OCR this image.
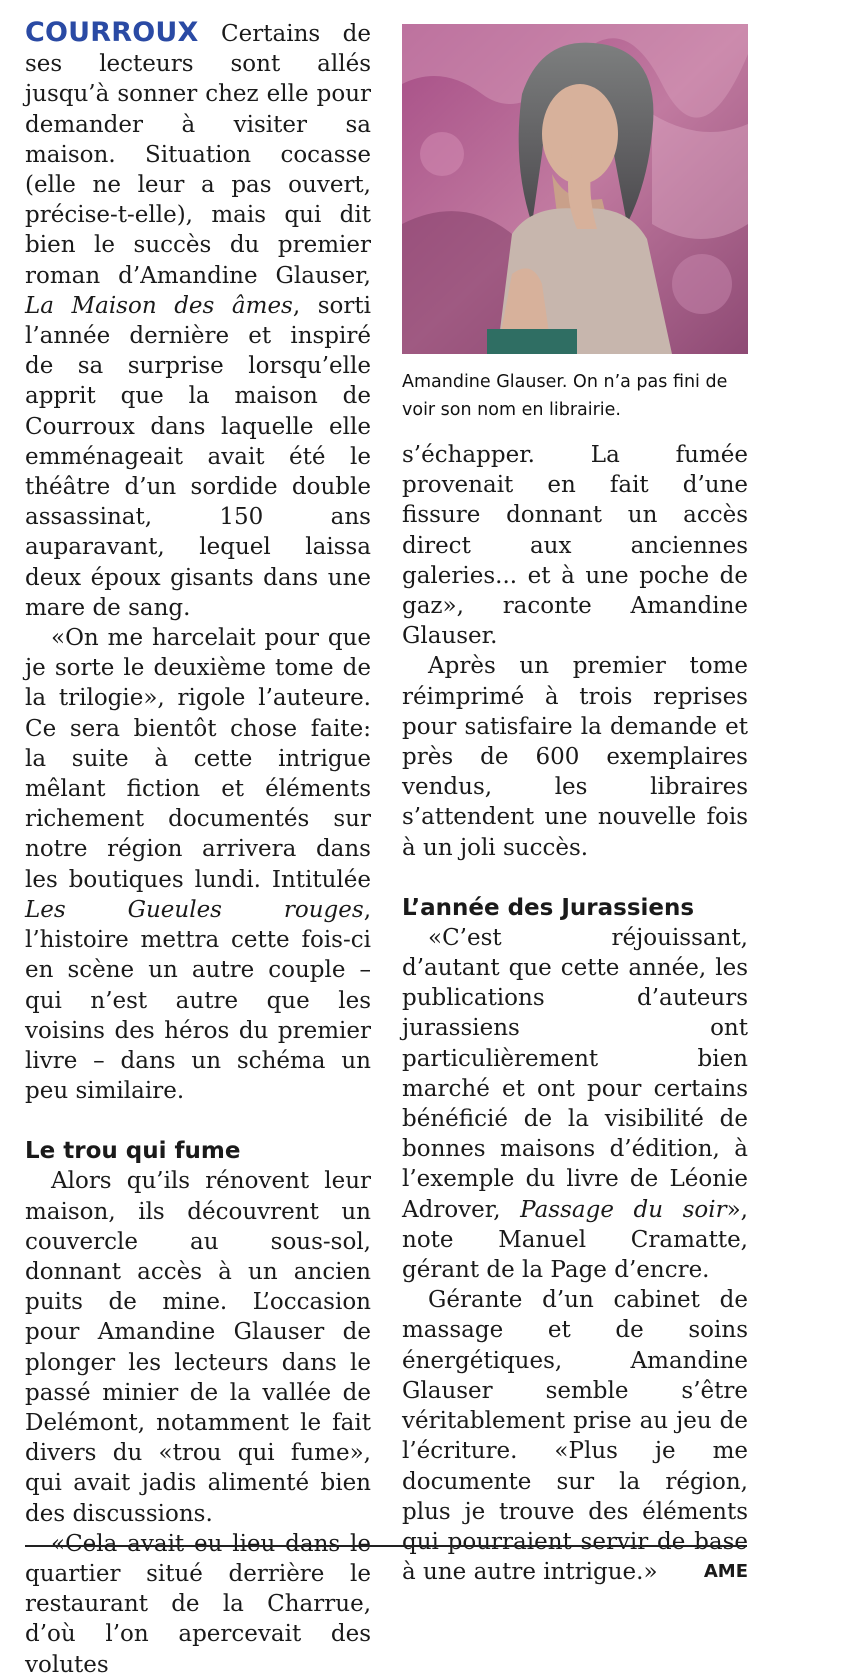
COURROUX Certains de ses lecteurs sont allés jusqu’à sonner chez elle pour demander à visiter sa maison. Situation cocasse (elle ne leur a pas ouvert, précise-t-elle), mais qui dit bien le succès du premier roman d’Amandine Glauser, La Maison des âmes, sorti l’année dernière et inspiré de sa surprise lorsqu’elle apprit que la maison de Courroux dans laquelle elle emménageait avait été le théâtre d’un sordide double assassinat, 150 ans auparavant, lequel laissa deux époux gisants dans une mare de sang.

«On me harcelait pour que je sorte le deuxième tome de la trilogie», rigole l’auteure. Ce sera bientôt chose faite: la suite à cette intrigue mêlant fiction et éléments richement documentés sur notre région arrivera dans les boutiques lundi. Intitulée Les Gueules rouges, l’histoire mettra cette fois-ci en scène un autre couple – qui n’est autre que les voisins des héros du premier livre – dans un schéma un peu similaire.

Le trou qui fume

Alors qu’ils rénovent leur maison, ils découvrent un couvercle au sous-sol, donnant accès à un ancien puits de mine. L’occasion pour Amandine Glauser de plonger les lecteurs dans le passé minier de la vallée de Delémont, notamment le fait divers du «trou qui fume», qui avait jadis alimenté bien des discussions.

«Cela avait eu lieu dans le quartier situé derrière le restaurant de la Charrue, d’où l’on apercevait des volutes

Amandine Glauser. On n’a pas fini de voir son nom en librairie.

s’échapper. La fumée provenait en fait d’une fissure donnant un accès direct aux anciennes galeries... et à une poche de gaz», raconte Amandine Glauser.

Après un premier tome réimprimé à trois reprises pour satisfaire la demande et près de 600 exemplaires vendus, les libraires s’attendent une nouvelle fois à un joli succès.

L’année des Jurassiens

«C’est réjouissant, d’autant que cette année, les publications d’auteurs jurassiens ont particulièrement bien marché et ont pour certains bénéficié de la visibilité de bonnes maisons d’édition, à l’exemple du livre de Léonie Adrover, Passage du soir», note Manuel Cramatte, gérant de la Page d’encre.

Gérante d’un cabinet de massage et de soins énergétiques, Amandine Glauser semble s’être véritablement prise au jeu de l’écriture. «Plus je me documente sur la région, plus je trouve des éléments qui pourraient servir de base à une autre intrigue.»	AME
